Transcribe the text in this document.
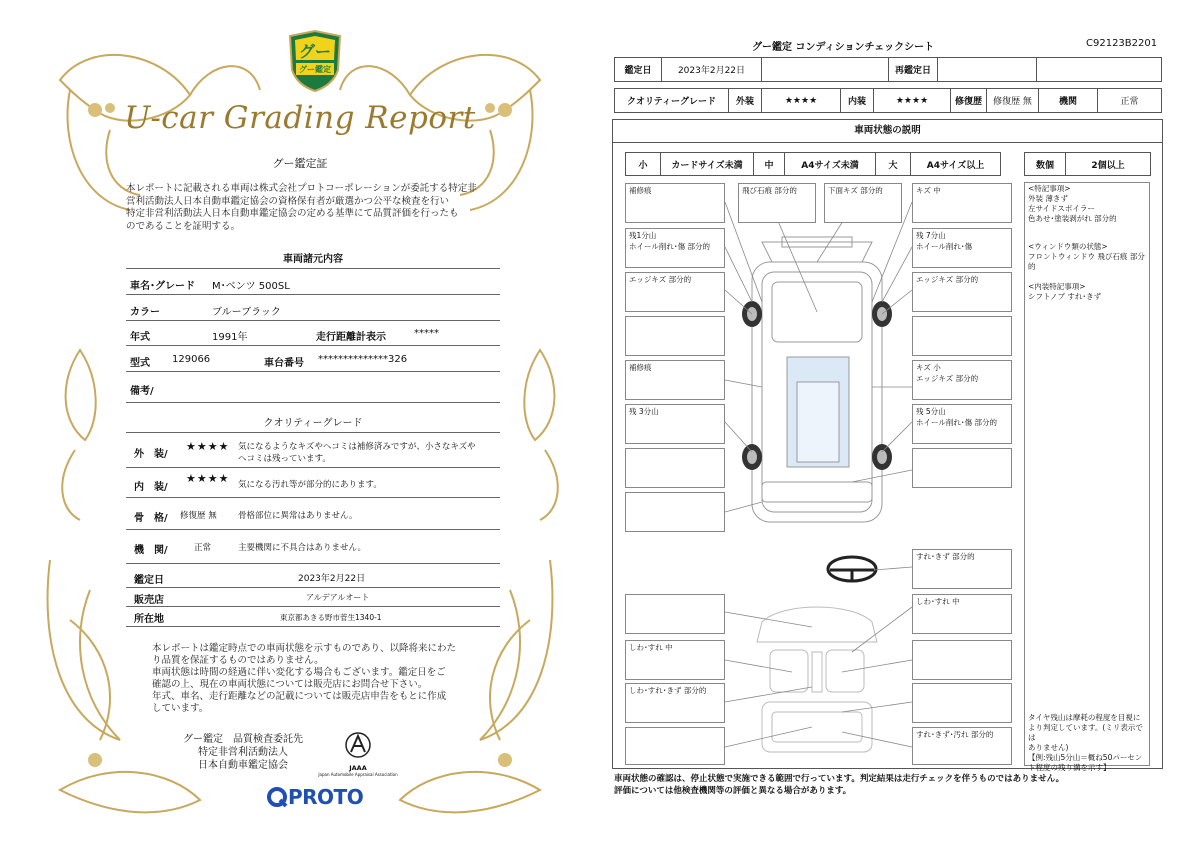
グー
グー鑑定
U-car Grading Report
グー鑑定証
本レポートに記載される車両は株式会社プロトコーポレーションが委託する特定非
営利活動法人日本自動車鑑定協会の資格保有者が厳選かつ公平な検査を行い
特定非営利活動法人日本自動車鑑定協会の定める基準にて品質評価を行ったも
のであることを証明する。
車両諸元内容
車名･グレード M･ベンツ 500SL
カラー	ブルーブラック
年式	1991年	走行距離計表示	*****
型式 129066	車台番号 **************326
備考/
クオリティーグレード
外　装/
★★★★ 気になるようなキズやヘコミは補修済みですが、小さなキズや
ヘコミは残っています。
内　装/
★★★★ 気になる汚れ等が部分的にあります。
骨　格/ 修復歴 無	骨格部位に異常はありません。
機　関/	正常	主要機関に不具合はありません。
鑑定日	2023年2月22日
販売店	アルデアルオート
所在地	東京都あきる野市菅生1340-1
本レポートは鑑定時点での車両状態を示すものであり、以降将来にわた
り品質を保証するものではありません。
車両状態は時間の経過に伴い変化する場合もございます。鑑定日をご
確認の上、現在の車両状態については販売店にお問合せ下さい。
年式、車名、走行距離などの記載については販売店申告をもとに作成
しています。
グー鑑定　品質検査委託先
特定非営利活動法人
日本自動車鑑定協会	JAAA
Japan Automobile Appraisal Association
PROTO
グー鑑定 コンディションチェックシート	C92123B2201
鑑定日	2023年2月22日	再鑑定日
クオリティーグレード	外装	★★★★	内装	★★★★	修復歴	修復歴 無	機関	正常
車両状態の説明
小	カードサイズ未満	中	A4サイズ未満	大	A4サイズ以上	数個	2個以上
補修痕
残1分山
ホイール削れ･傷 部分的
エッジキズ 部分的
補修痕
残 3分山
しわ･すれ 中
しわ･すれ･きず 部分的
飛び石痕 部分的	下面キズ 部分的	キズ 中
残 7分山
ホイール削れ･傷
エッジキズ 部分的
キズ 小
エッジキズ 部分的
残 5分山
ホイール削れ･傷 部分的
すれ･きず 部分的
しわ･すれ 中
すれ･きず･汚れ 部分的
<特記事項>
外装 薄きず
左サイドスポイラー
色あせ･塗装剥がれ 部分的
<ウィンドウ類の状態>
フロントウィンドウ 飛び石痕 部分的
<内装特記事項>
シフトノブ すれ･きず
タイヤ残山は摩耗の程度を目視に
より判定しています。(ミリ表示では
ありません)
【例:残山5分山＝概ね50パーセン
ト程度の残り溝を示す】
車両状態の確認は、停止状態で実施できる範囲で行っています。判定結果は走行チェックを伴うものではありません。
評価については他検査機関等の評価と異なる場合があります。
